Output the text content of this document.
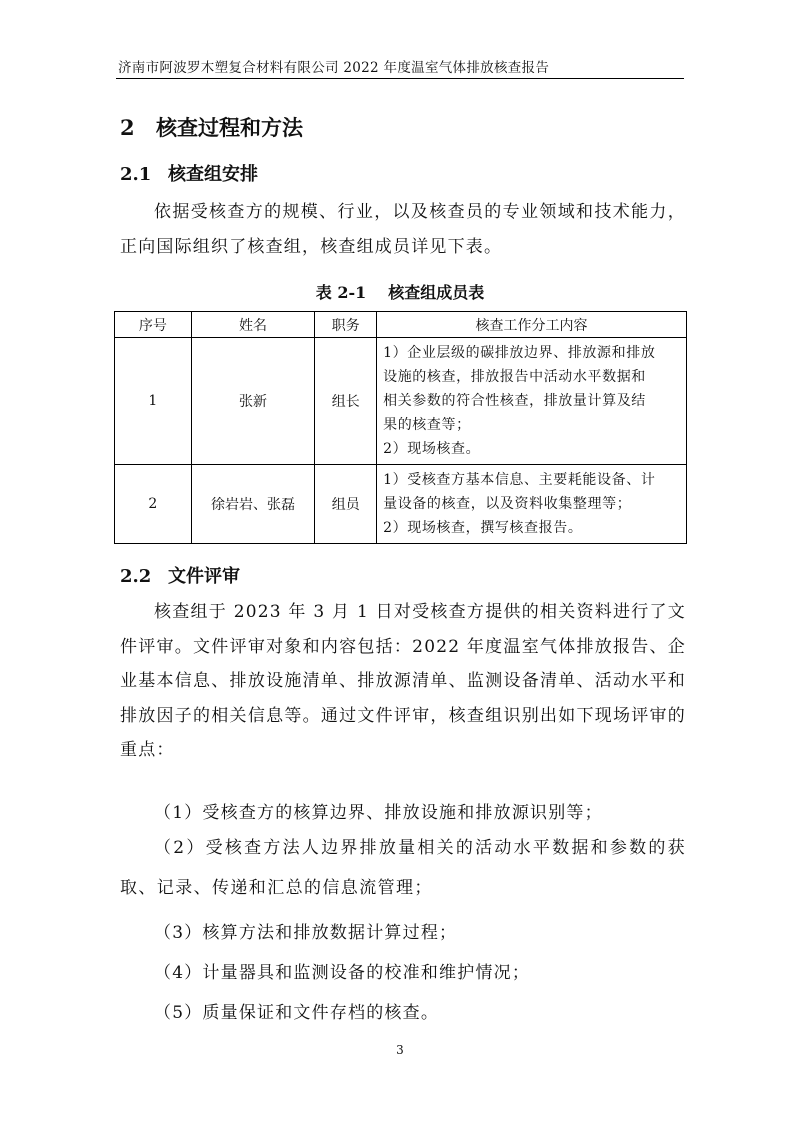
济南市阿波罗木塑复合材料有限公司 2022 年度温室气体排放核查报告
2 核查过程和方法
2.1 核查组安排

依据受核查方的规模、行业，以及核查员的专业领域和技术能力，正向国际组织了核查组，核查组成员详见下表。

表 2-1 核查组成员表
序号	姓名	职务	核查工作分工内容
1	张新	组长	1）企业层级的碳排放边界、排放源和排放
设施的核查，排放报告中活动水平数据和
相关参数的符合性核查，排放量计算及结
果的核查等；
2）现场核查。

2	徐岩岩、张磊	组员	1）受核查方基本信息、主要耗能设备、计
量设备的核查，以及资料收集整理等；
2）现场核查，撰写核查报告。
2.2 文件评审

核查组于 2023 年 3 月 1 日对受核查方提供的相关资料进行了文件评审。文件评审对象和内容包括：2022 年度温室气体排放报告、企业基本信息、排放设施清单、排放源清单、监测设备清单、活动水平和排放因子的相关信息等。通过文件评审，核查组识别出如下现场评审的重点：

（1）受核查方的核算边界、排放设施和排放源识别等；

（2）受核查方法人边界排放量相关的活动水平数据和参数的获取、记录、传递和汇总的信息流管理；

（3）核算方法和排放数据计算过程；
（4）计量器具和监测设备的校准和维护情况；
（5）质量保证和文件存档的核查。
3
